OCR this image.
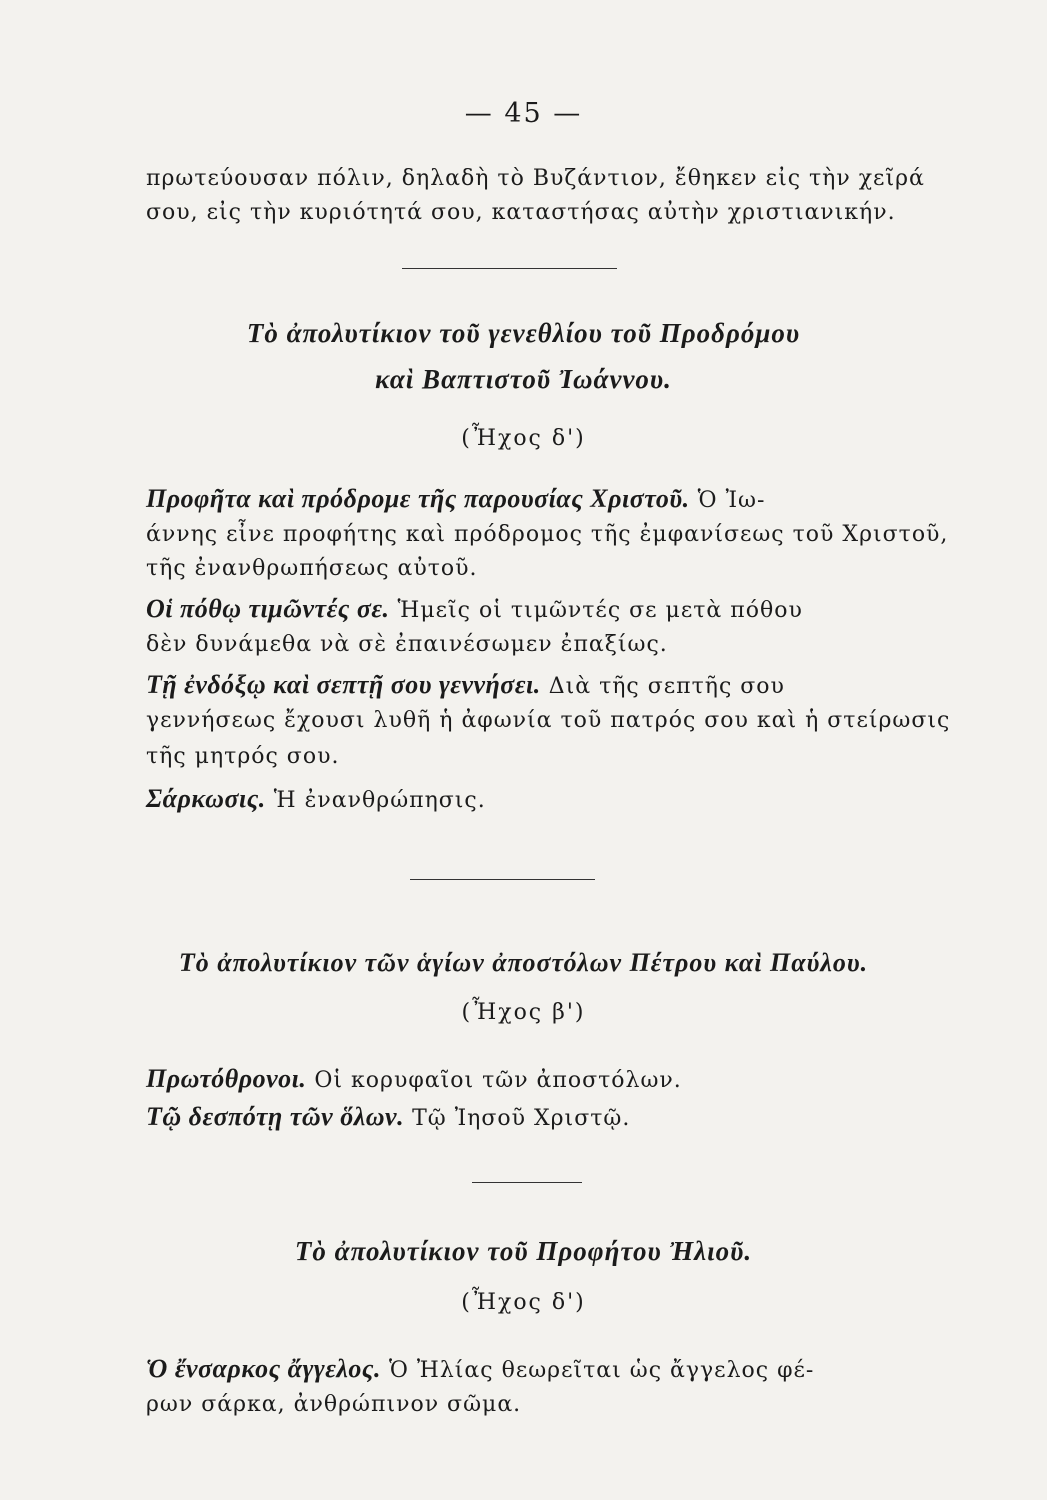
— 45 —
πρωτεύουσαν πόλιν, δηλαδὴ τὸ Βυζάντιον, ἔθηκεν εἰς τὴν χεῖρά
σου, εἰς τὴν κυριότητά σου, καταστήσας αὐτὴν χριστιανικήν.
Τὸ ἀπολυτίκιον τοῦ γενεθλίου τοῦ Προδρόμου
καὶ Βαπτιστοῦ Ἰωάννου.
(Ἦχος δ')
Προφῆτα καὶ πρόδρομε τῆς παρουσίας Χριστοῦ. Ὁ Ἰω-
άννης εἶνε προφήτης καὶ πρόδρομος τῆς ἐμφανίσεως τοῦ Χριστοῦ,
τῆς ἐνανθρωπήσεως αὐτοῦ.
Οἱ πόθῳ τιμῶντές σε. Ἡμεῖς οἱ τιμῶντές σε μετὰ πόθου
δὲν δυνάμεθα νὰ σὲ ἐπαινέσωμεν ἐπαξίως.
Τῇ ἐνδόξῳ καὶ σεπτῇ σου γεννήσει. Διὰ τῆς σεπτῆς σου
γεννήσεως ἔχουσι λυθῆ ἡ ἀφωνία τοῦ πατρός σου καὶ ἡ στείρωσις
τῆς μητρός σου.
Σάρκωσις. Ἡ ἐνανθρώπησις.
Τὸ ἀπολυτίκιον τῶν ἁγίων ἀποστόλων Πέτρου καὶ Παύλου.
(Ἦχος β')
Πρωτόθρονοι. Οἱ κορυφαῖοι τῶν ἀποστόλων.
Τῷ δεσπότῃ τῶν ὅλων. Τῷ Ἰησοῦ Χριστῷ.
Τὸ ἀπολυτίκιον τοῦ Προφήτου Ἠλιοῦ.
(Ἦχος δ')
Ὁ ἔνσαρκος ἄγγελος. Ὁ Ἠλίας θεωρεῖται ὡς ἄγγελος φέ-
ρων σάρκα, ἀνθρώπινον σῶμα.
